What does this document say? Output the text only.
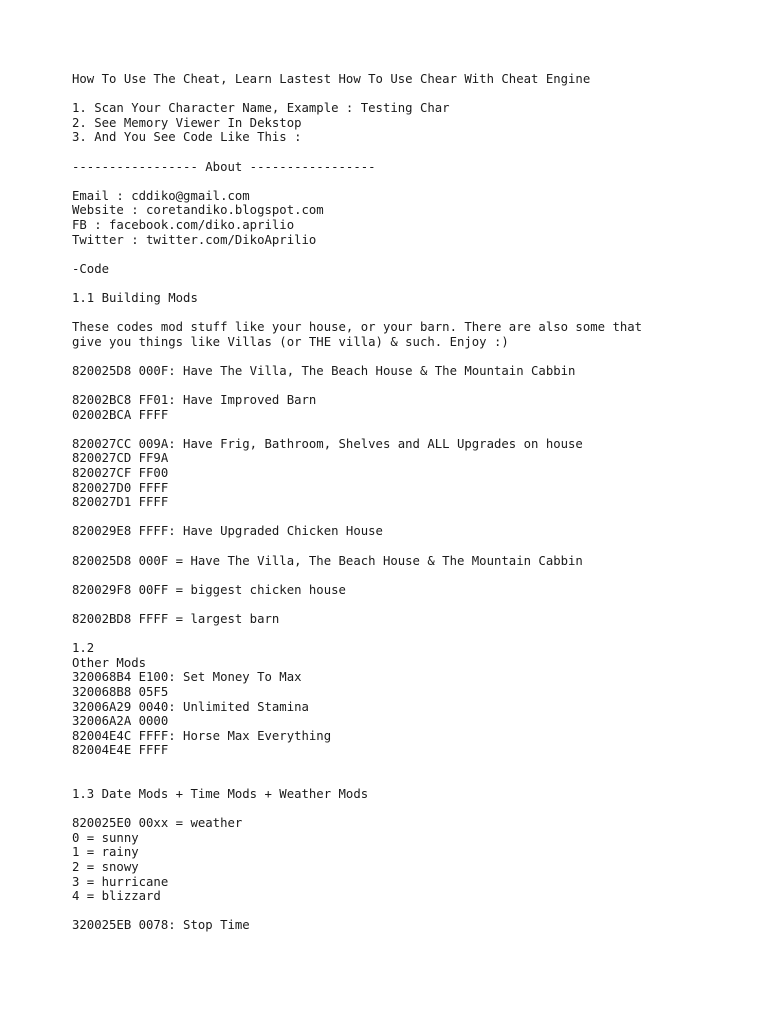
How To Use The Cheat, Learn Lastest How To Use Chear With Cheat Engine
1. Scan Your Character Name, Example : Testing Char
2. See Memory Viewer In Dekstop
3. And You See Code Like This :
----------------- About -----------------
Email : cddiko@gmail.com
Website : coretandiko.blogspot.com
FB : facebook.com/diko.aprilio
Twitter : twitter.com/DikoAprilio
-Code
1.1 Building Mods
These codes mod stuff like your house, or your barn. There are also some that
give you things like Villas (or THE villa) & such. Enjoy :)
820025D8 000F: Have The Villa, The Beach House & The Mountain Cabbin
82002BC8 FF01: Have Improved Barn
02002BCA FFFF
820027CC 009A: Have Frig, Bathroom, Shelves and ALL Upgrades on house
820027CD FF9A
820027CF FF00
820027D0 FFFF
820027D1 FFFF
820029E8 FFFF: Have Upgraded Chicken House
820025D8 000F = Have The Villa, The Beach House & The Mountain Cabbin
820029F8 00FF = biggest chicken house
82002BD8 FFFF = largest barn
1.2
Other Mods
320068B4 E100: Set Money To Max
320068B8 05F5
32006A29 0040: Unlimited Stamina
32006A2A 0000
82004E4C FFFF: Horse Max Everything
82004E4E FFFF
1.3 Date Mods + Time Mods + Weather Mods
820025E0 00xx = weather
0 = sunny
1 = rainy
2 = snowy
3 = hurricane
4 = blizzard
320025EB 0078: Stop Time
